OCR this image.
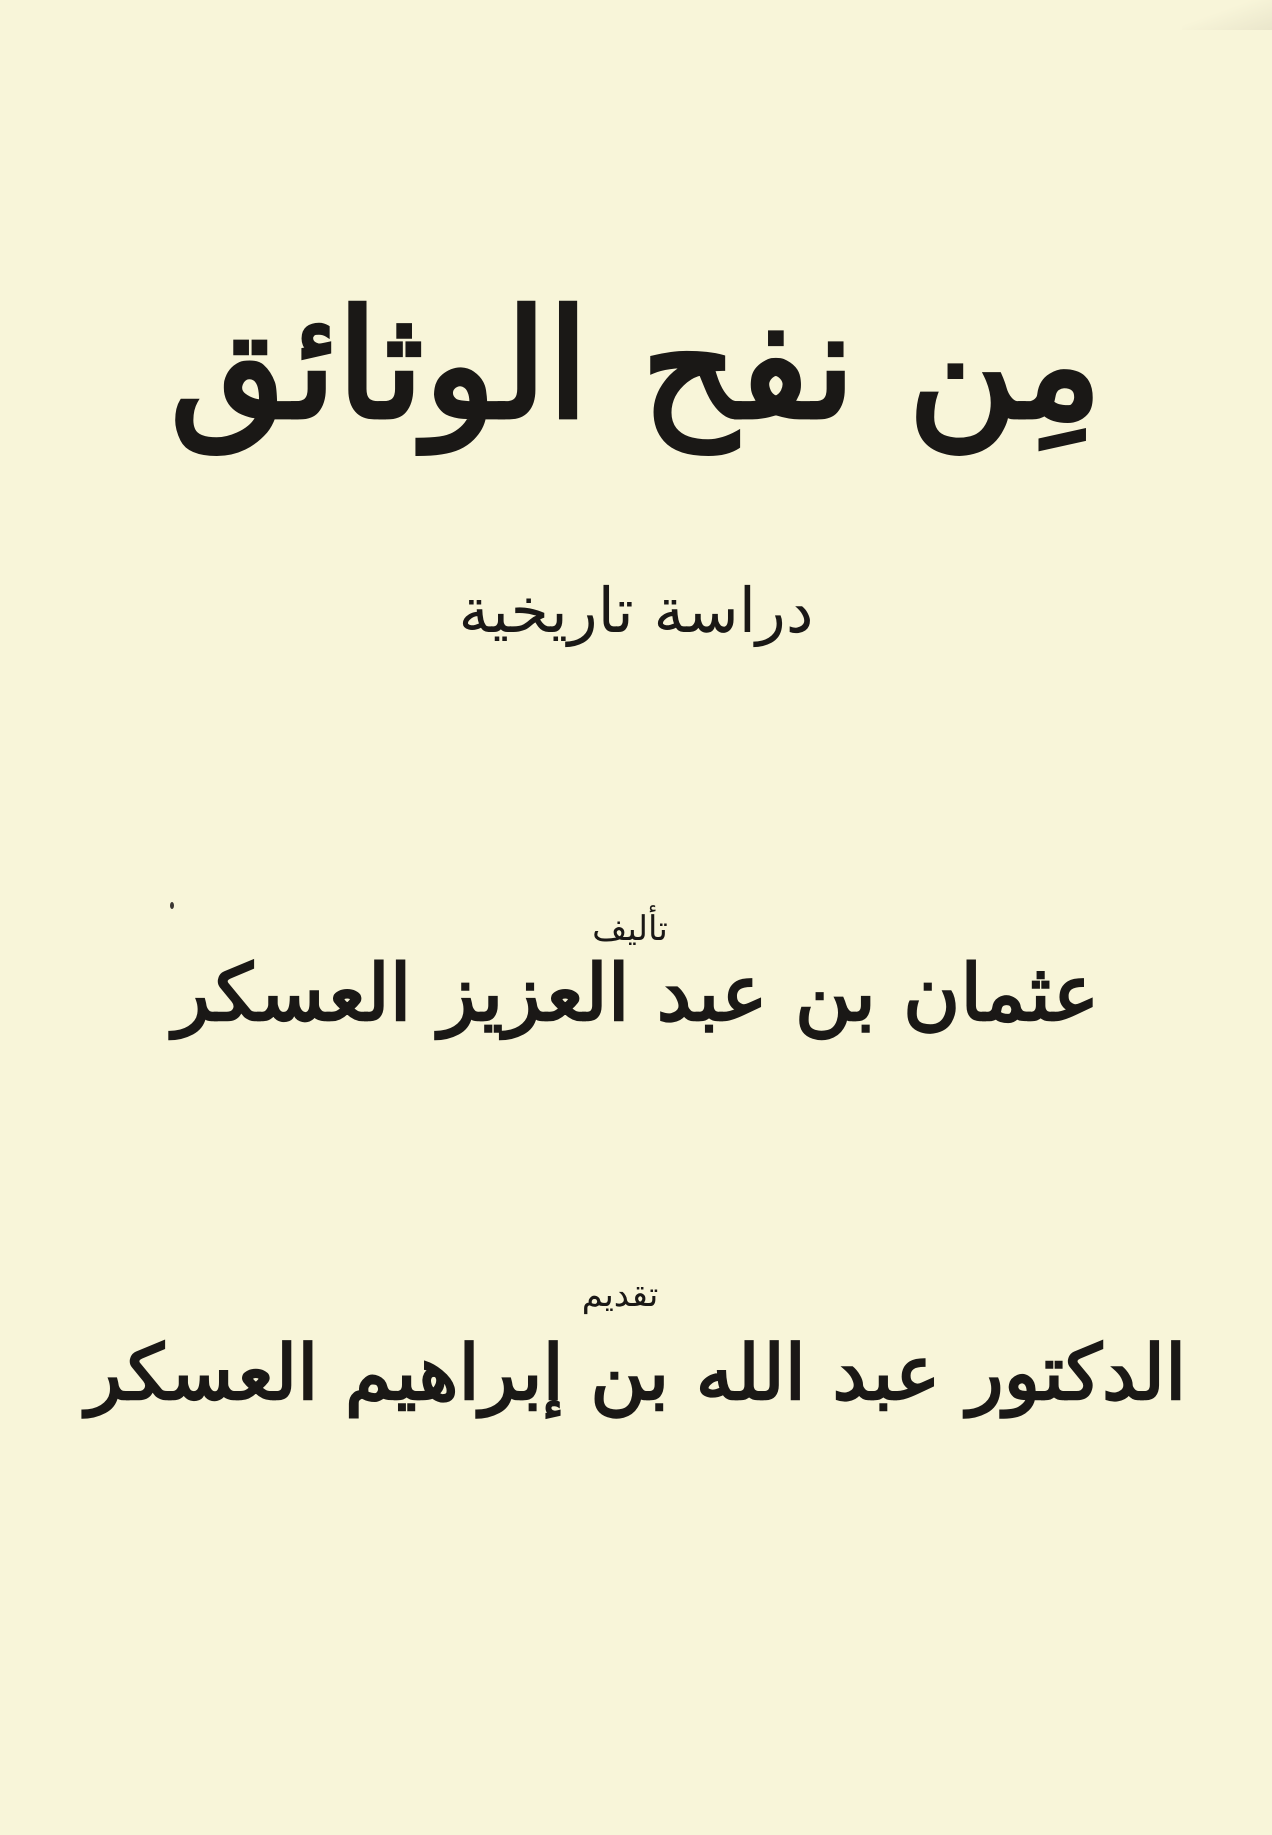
مِن نفح الوثائق
دراسة تاريخية
تأليف
عثمان بن عبد العزيز العسكر
تقديم
الدكتور عبد الله بن إبراهيم العسكر
